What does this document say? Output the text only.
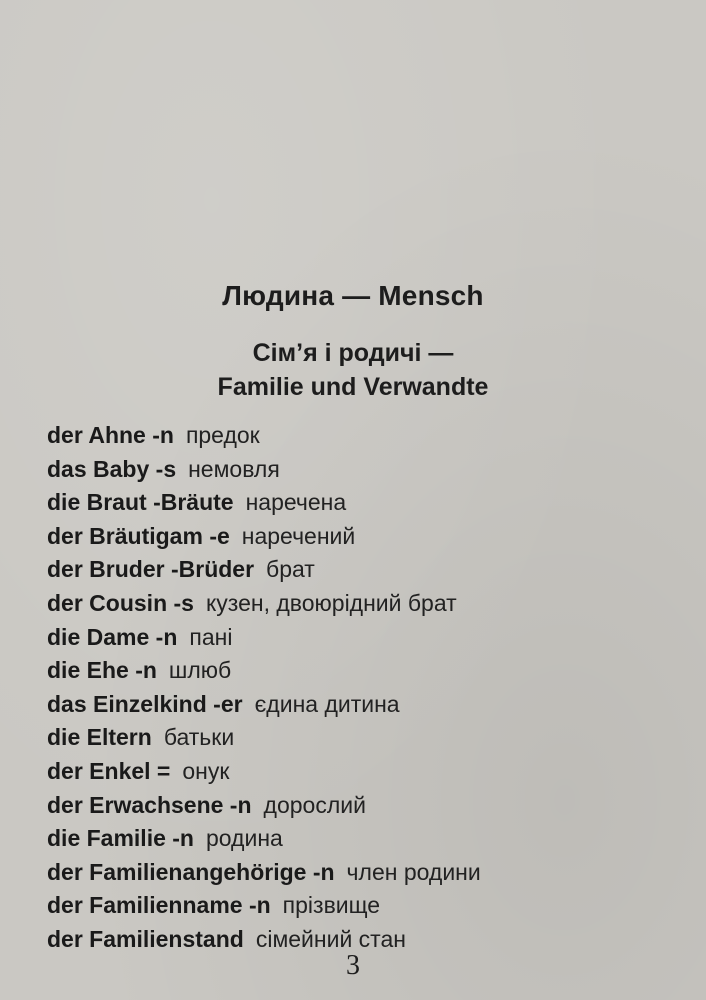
Людина — Mensch
Сім’я і родичі —
Familie und Verwandte
der Ahne -n предок
das Baby -s немовля
die Braut -Bräute наречена
der Bräutigam -e наречений
der Bruder -Brüder брат
der Cousin -s кузен, двоюрідний брат
die Dame -n пані
die Ehe -n шлюб
das Einzelkind -er єдина дитина
die Eltern батьки
der Enkel = онук
der Erwachsene -n дорослий
die Familie -n родина
der Familienangehörige -n член родини
der Familienname -n прізвище
der Familienstand сімейний стан
3
